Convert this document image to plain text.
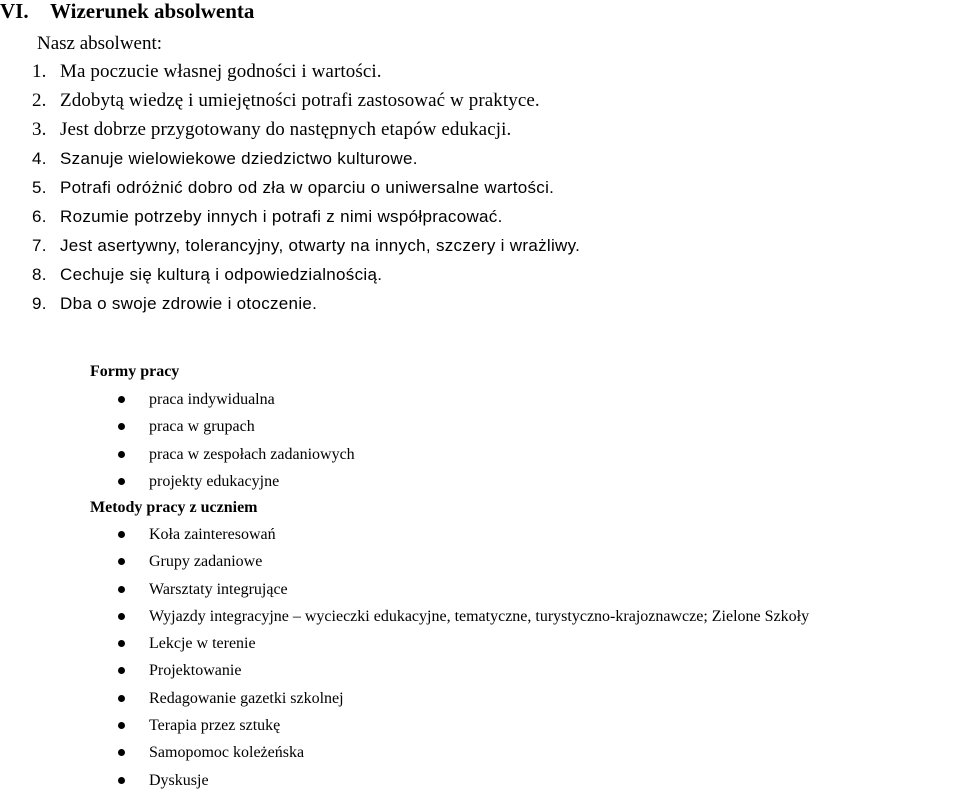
VI. Wizerunek absolwenta
Nasz absolwent:
1. Ma poczucie własnej godności i wartości.
2. Zdobytą wiedzę i umiejętności potrafi zastosować w praktyce.
3. Jest dobrze przygotowany do następnych etapów edukacji.
4. Szanuje wielowiekowe dziedzictwo kulturowe.
5. Potrafi odróżnić dobro od zła w oparciu o uniwersalne wartości.
6. Rozumie potrzeby innych i potrafi z nimi współpracować.
7. Jest asertywny, tolerancyjny, otwarty na innych, szczery i wrażliwy.
8. Cechuje się kulturą i odpowiedzialnością.
9. Dba o swoje zdrowie i otoczenie.
Formy pracy
praca indywidualna
praca w grupach
praca w zespołach zadaniowych
projekty edukacyjne
Metody pracy z uczniem
Koła zainteresowań
Grupy zadaniowe
Warsztaty integrujące
Wyjazdy integracyjne – wycieczki edukacyjne, tematyczne, turystyczno-krajoznawcze; Zielone Szkoły
Lekcje w terenie
Projektowanie
Redagowanie gazetki szkolnej
Terapia przez sztukę
Samopomoc koleżeńska
Dyskusje
